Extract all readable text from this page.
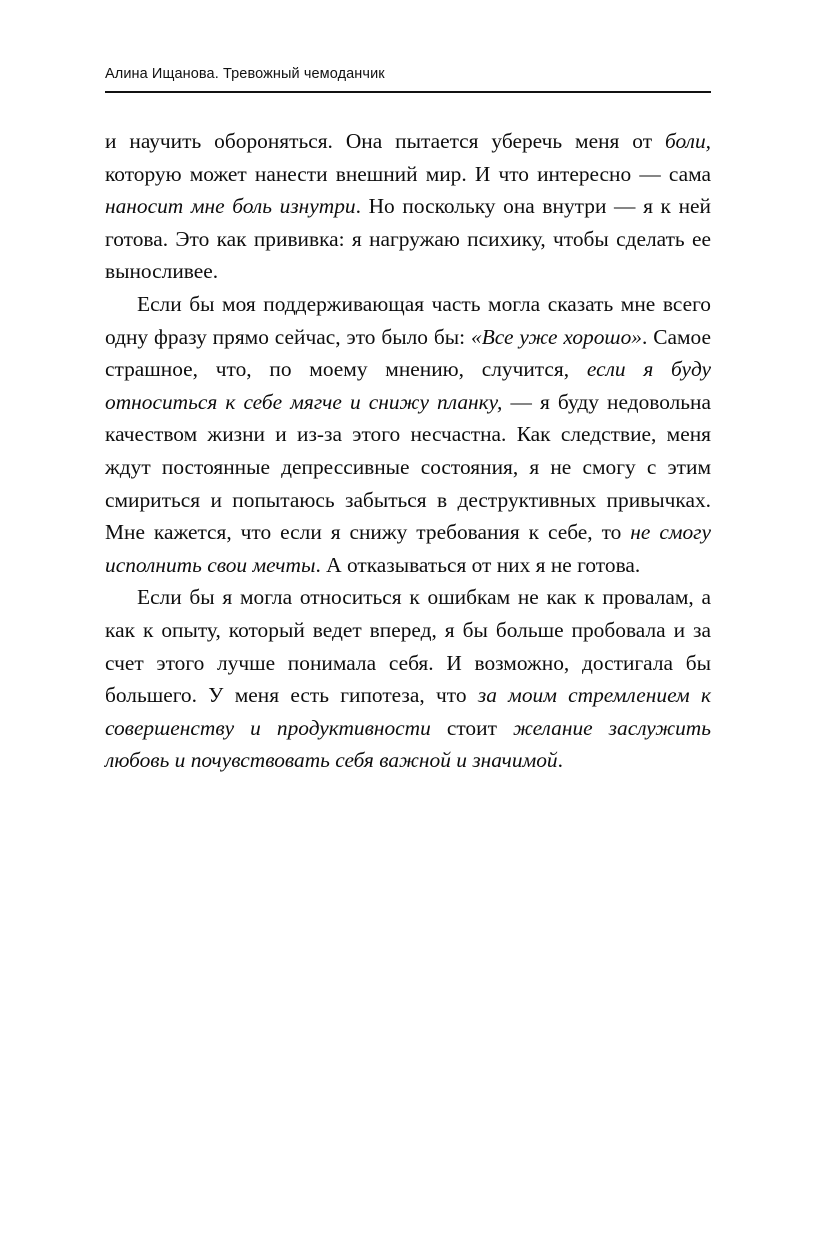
Алина Ищанова. Тревожный чемоданчик

и научить обороняться. Она пытается уберечь меня от боли, которую может нанести внешний мир. И что интересно — сама наносит мне боль изнутри. Но поскольку она внутри — я к ней готова. Это как прививка: я нагружаю психику, чтобы сделать ее выносливее.

Если бы моя поддерживающая часть могла сказать мне всего одну фразу прямо сейчас, это было бы: «Все уже хорошо». Самое страшное, что, по моему мнению, случится, если я буду относиться к себе мягче и снижу планку, — я буду недовольна качеством жизни и из-за этого несчастна. Как следствие, меня ждут постоянные депрессивные состояния, я не смогу с этим смириться и попытаюсь забыться в деструктивных привычках. Мне кажется, что если я снижу требования к себе, то не смогу исполнить свои мечты. А отказываться от них я не готова.

Если бы я могла относиться к ошибкам не как к провалам, а как к опыту, который ведет вперед, я бы больше пробовала и за счет этого лучше понимала себя. И возможно, достигала бы большего. У меня есть гипотеза, что за моим стремлением к совершенству и продуктивности стоит желание заслужить любовь и почувствовать себя важной и значимой.
